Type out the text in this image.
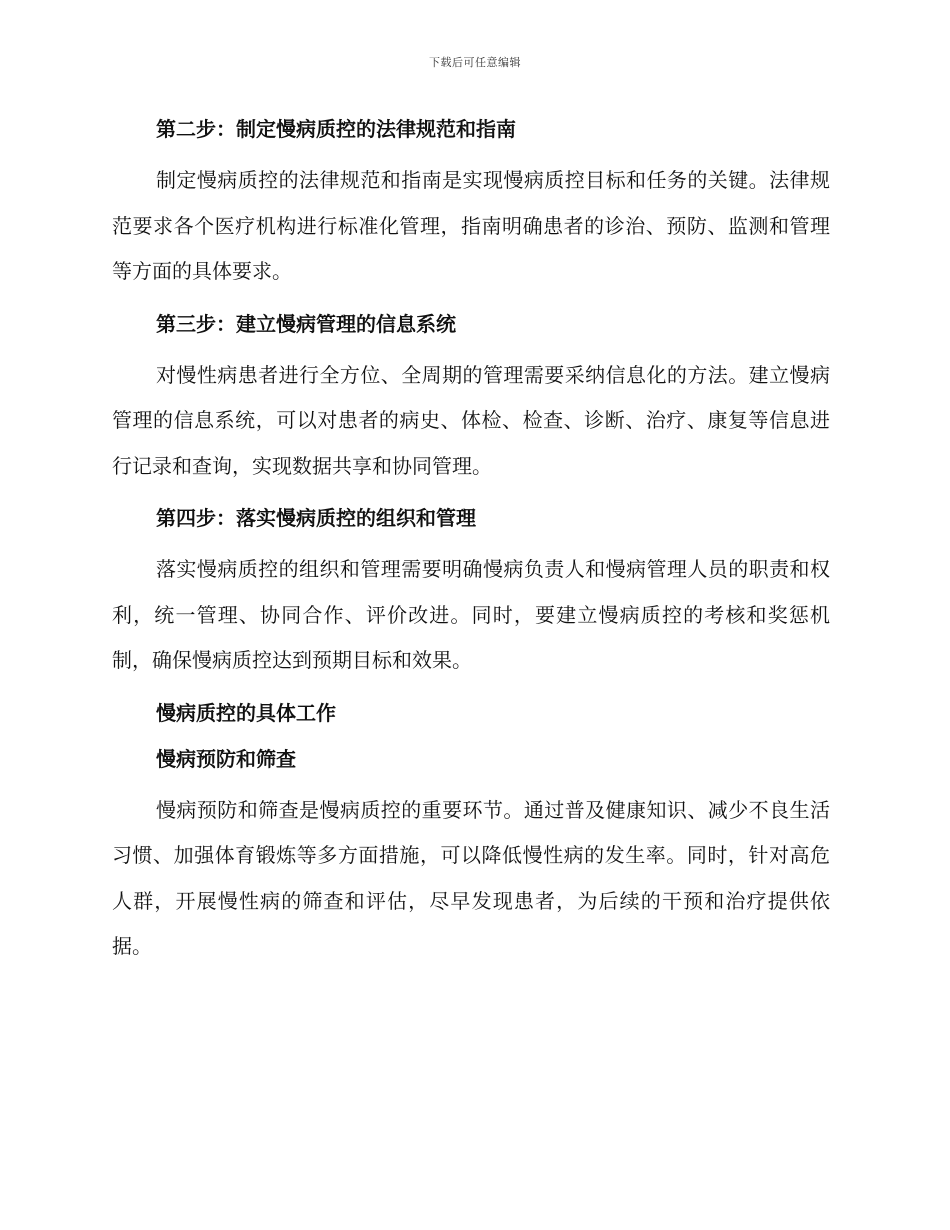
下载后可任意编辑
第二步：制定慢病质控的法律规范和指南

制定慢病质控的法律规范和指南是实现慢病质控目标和任务的关键。法律规范要求各个医疗机构进行标准化管理，指南明确患者的诊治、预防、监测和管理等方面的具体要求。

第三步：建立慢病管理的信息系统

对慢性病患者进行全方位、全周期的管理需要采纳信息化的方法。建立慢病管理的信息系统，可以对患者的病史、体检、检查、诊断、治疗、康复等信息进行记录和查询，实现数据共享和协同管理。

第四步：落实慢病质控的组织和管理

落实慢病质控的组织和管理需要明确慢病负责人和慢病管理人员的职责和权利，统一管理、协同合作、评价改进。同时，要建立慢病质控的考核和奖惩机制，确保慢病质控达到预期目标和效果。

慢病质控的具体工作
慢病预防和筛查

慢病预防和筛查是慢病质控的重要环节。通过普及健康知识、减少不良生活习惯、加强体育锻炼等多方面措施，可以降低慢性病的发生率。同时，针对高危人群，开展慢性病的筛查和评估，尽早发现患者，为后续的干预和治疗提供依据。
